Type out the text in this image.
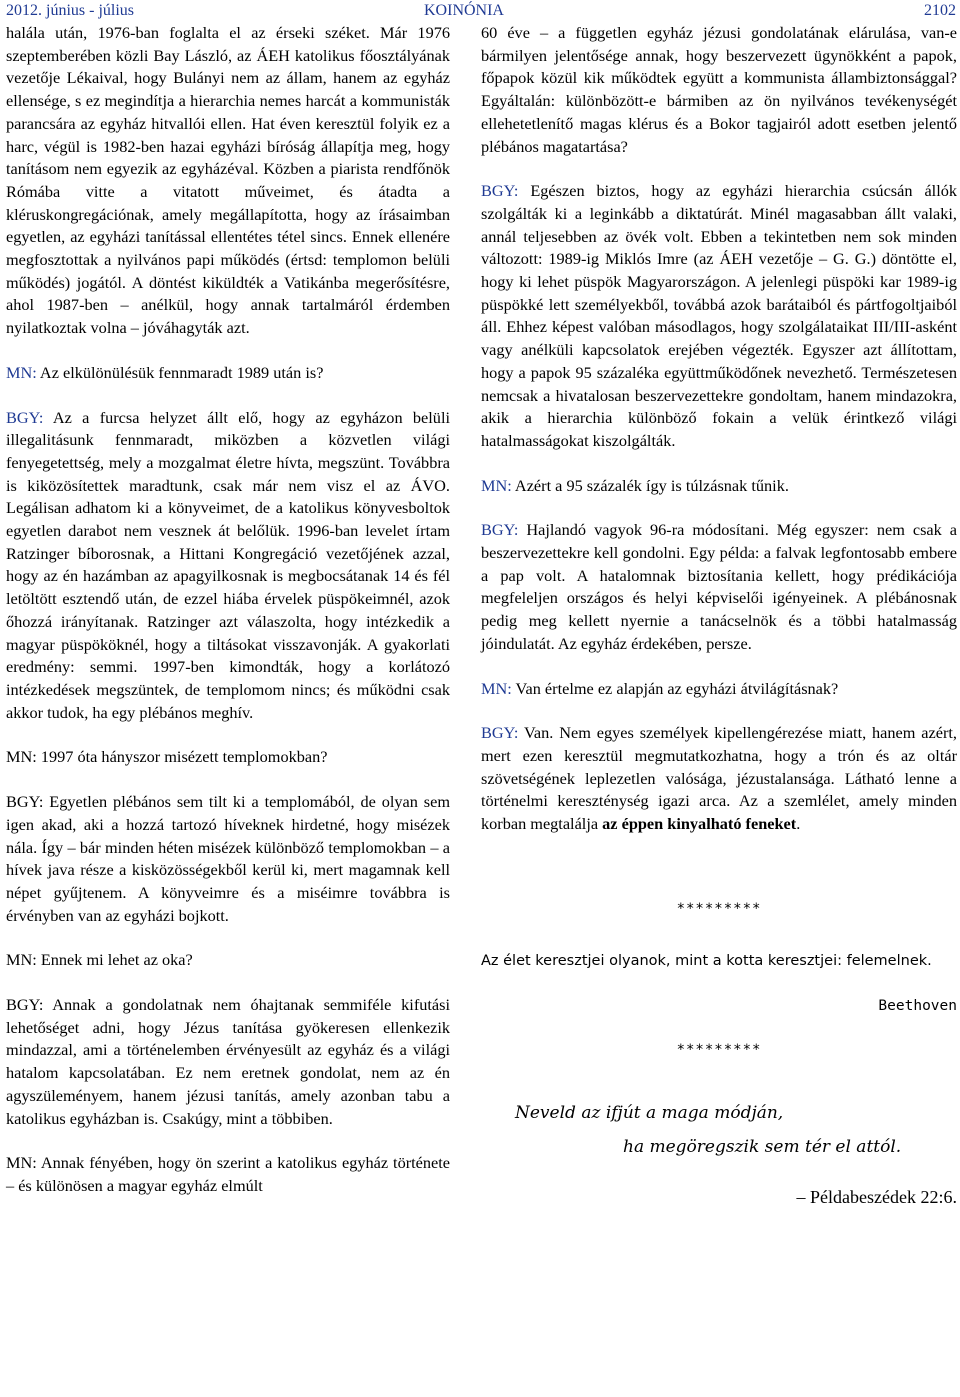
2012. június - július	KOINÓNIA	2102

halála után, 1976-ban foglalta el az érseki széket. Már 1976 szeptemberében közli Bay László, az ÁEH katolikus főosztályának vezetője Lékaival, hogy Bulányi nem az állam, hanem az egyház ellensége, s ez megindítja a hierarchia nemes harcát a kommunisták parancsára az egyház hitvallói ellen. Hat éven keresztül folyik ez a harc, végül is 1982-ben hazai egyházi bíróság állapítja meg, hogy tanításom nem egyezik az egyházéval. Közben a piarista rendfőnök Rómába vitte a vitatott műveimet, és átadta a kléruskongregációnak, amely megállapította, hogy az írásaimban egyetlen, az egyházi tanítással ellentétes tétel sincs. Ennek ellenére megfosztottak a nyilvános papi működés (értsd: templomon belüli működés) jogától. A döntést kiküldték a Vatikánba megerősítésre, ahol 1987-ben – anélkül, hogy annak tartalmáról érdemben nyilatkoztak volna – jóváhagyták azt.

MN: Az elkülönülésük fennmaradt 1989 után is?

BGY: Az a furcsa helyzet állt elő, hogy az egyházon belüli illegalitásunk fennmaradt, miközben a közvetlen világi fenyegetettség, mely a mozgalmat életre hívta, megszünt. Továbbra is kiközösítettek maradtunk, csak már nem visz el az ÁVO. Legálisan adhatom ki a könyveimet, de a katolikus könyvesboltok egyetlen darabot nem vesznek át belőlük. 1996-ban levelet írtam Ratzinger bíborosnak, a Hittani Kongregáció vezetőjének azzal, hogy az én hazámban az apagyilkosnak is megbocsátanak 14 és fél letöltött esztendő után, de ezzel hiába érvelek püspökeimnél, azok őhozzá irányítanak. Ratzinger azt válaszolta, hogy intézkedik a magyar püspököknél, hogy a tiltásokat visszavonják. A gyakorlati eredmény: semmi. 1997-ben kimondták, hogy a korlátozó intézkedések megszüntek, de templomom nincs; és működni csak akkor tudok, ha egy plébános meghív.

MN: 1997 óta hányszor misézett templomokban?

BGY: Egyetlen plébános sem tilt ki a templomából, de olyan sem igen akad, aki a hozzá tartozó híveknek hirdetné, hogy misézek nála. Így – bár minden héten misézek különböző templomokban – a hívek java része a kisközösségekből kerül ki, mert magamnak kell népet gyűjtenem. A könyveimre és a miséimre továbbra is érvényben van az egyházi bojkott.

MN: Ennek mi lehet az oka?

BGY: Annak a gondolatnak nem óhajtanak semmiféle kifutási lehetőséget adni, hogy Jézus tanítása gyökeresen ellenkezik mindazzal, ami a történelemben érvényesült az egyház és a világi hatalom kapcsolatában. Ez nem eretnek gondolat, nem az én agyszüleményem, hanem jézusi tanítás, amely azonban tabu a katolikus egyházban is. Csakúgy, mint a többiben.

MN: Annak fényében, hogy ön szerint a katolikus egyház története – és különösen a magyar egyház elmúlt

60 éve – a független egyház jézusi gondolatának elárulása, van-e bármilyen jelentősége annak, hogy beszervezett ügynökként a papok, főpapok közül kik működtek együtt a kommunista állambiztonsággal? Egyáltalán: különbözött-e bármiben az ön nyilvános tevékenységét ellehetetlenítő magas klérus és a Bokor tagjairól adott esetben jelentő plébános magatartása?

BGY: Egészen biztos, hogy az egyházi hierarchia csúcsán állók szolgálták ki a leginkább a diktatúrát. Minél magasabban állt valaki, annál teljesebben az övék volt. Ebben a tekintetben nem sok minden változott: 1989-ig Miklós Imre (az ÁEH vezetője – G. G.) döntötte el, hogy ki lehet püspök Magyarországon. A jelenlegi püspöki kar 1989-ig püspökké lett személyekből, továbbá azok barátaiból és pártfogoltjaiból áll. Ehhez képest valóban másodlagos, hogy szolgálataikat III/III-asként vagy anélküli kapcsolatok erejében végezték. Egyszer azt állítottam, hogy a papok 95 százaléka együttműködőnek nevezhető. Természetesen nemcsak a hivatalosan beszervezettekre gondoltam, hanem mindazokra, akik a hierarchia különböző fokain a velük érintkező világi hatalmasságokat kiszolgálták.

MN: Azért a 95 százalék így is túlzásnak tűnik.

BGY: Hajlandó vagyok 96-ra módosítani. Még egyszer: nem csak a beszervezettekre kell gondolni. Egy példa: a falvak legfontosabb embere a pap volt. A hatalomnak biztosítania kellett, hogy prédikációja megfeleljen országos és helyi képviselői igényeinek. A plébánosnak pedig meg kellett nyernie a tanácselnök és a többi hatalmasság jóindulatát. Az egyház érdekében, persze.

MN: Van értelme ez alapján az egyházi átvilágításnak?

BGY: Van. Nem egyes személyek kipellengérezése miatt, hanem azért, mert ezen keresztül megmutatkozhatna, hogy a trón és az oltár szövetségének leplezetlen valósága, jézustalansága. Látható lenne a történelmi kereszténység igazi arca. Az a szemlélet, amely minden korban megtalálja az éppen kinyalható feneket.

*********

Az élet keresztjei olyanok, mint a kotta keresztjei: felemelnek.

Beethoven

*********

Neveld az ifjút a maga módján,
ha megöregszik sem tér el attól.

– Példabeszédek 22:6.
